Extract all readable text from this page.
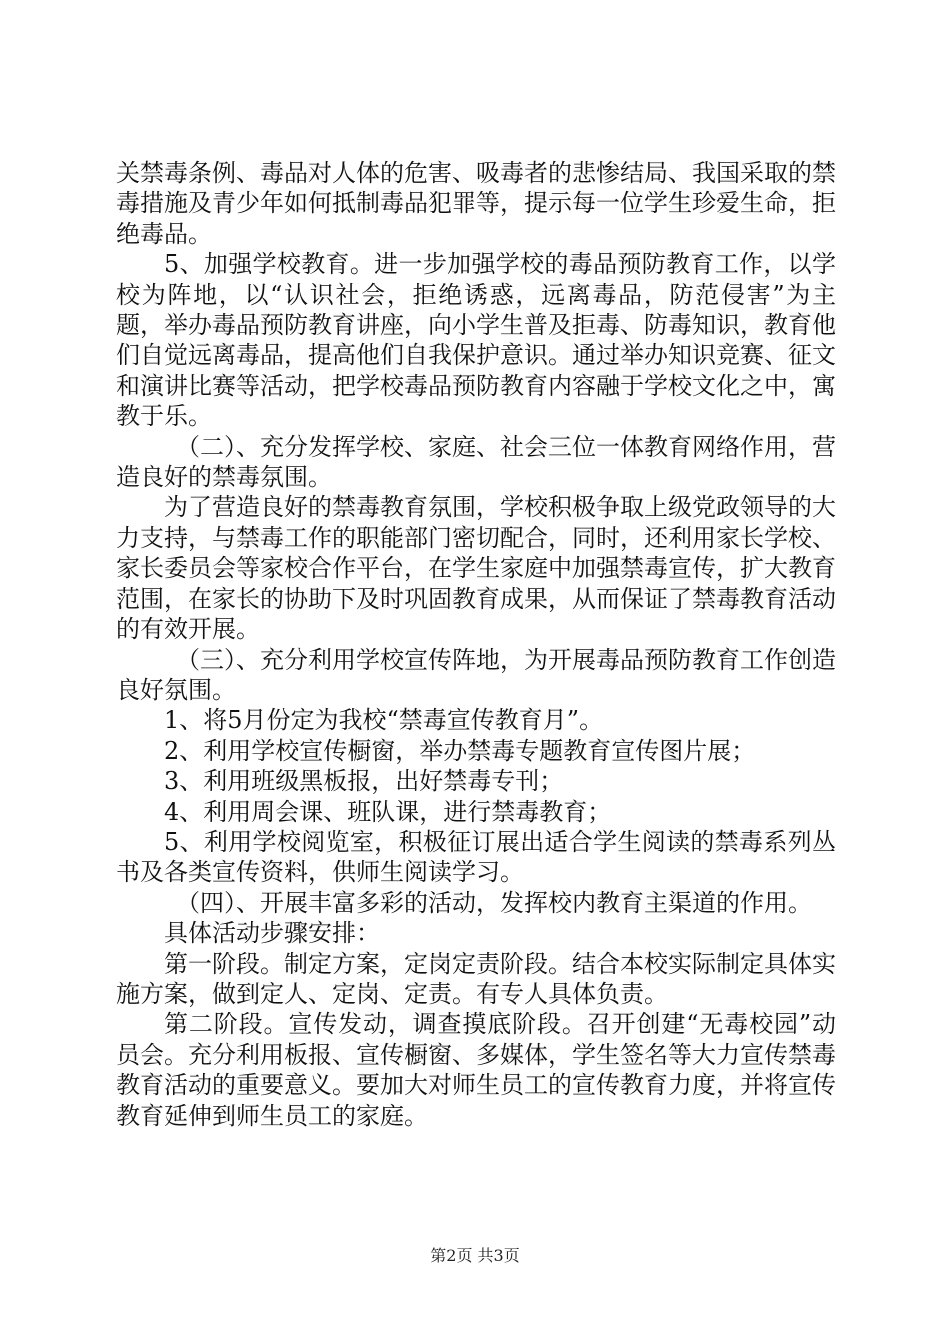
关禁毒条例、毒品对人体的危害、吸毒者的悲惨结局、我国采取的禁毒措施及青少年如何抵制毒品犯罪等，提示每一位学生珍爱生命，拒绝毒品。

5、加强学校教育。进一步加强学校的毒品预防教育工作，以学校为阵地，以“认识社会，拒绝诱惑，远离毒品，防范侵害”为主题，举办毒品预防教育讲座，向小学生普及拒毒、防毒知识，教育他们自觉远离毒品，提高他们自我保护意识。通过举办知识竞赛、征文和演讲比赛等活动，把学校毒品预防教育内容融于学校文化之中，寓教于乐。

（二）、充分发挥学校、家庭、社会三位一体教育网络作用，营造良好的禁毒氛围。

为了营造良好的禁毒教育氛围，学校积极争取上级党政领导的大力支持，与禁毒工作的职能部门密切配合，同时，还利用家长学校、家长委员会等家校合作平台，在学生家庭中加强禁毒宣传，扩大教育范围，在家长的协助下及时巩固教育成果，从而保证了禁毒教育活动的有效开展。

（三）、充分利用学校宣传阵地，为开展毒品预防教育工作创造良好氛围。

1、将5月份定为我校“禁毒宣传教育月”。

2、利用学校宣传橱窗，举办禁毒专题教育宣传图片展；

3、利用班级黑板报，出好禁毒专刊；

4、利用周会课、班队课，进行禁毒教育；

5、利用学校阅览室，积极征订展出适合学生阅读的禁毒系列丛书及各类宣传资料，供师生阅读学习。

（四）、开展丰富多彩的活动，发挥校内教育主渠道的作用。

具体活动步骤安排：

第一阶段。制定方案，定岗定责阶段。结合本校实际制定具体实施方案，做到定人、定岗、定责。有专人具体负责。

第二阶段。宣传发动，调查摸底阶段。召开创建“无毒校园”动员会。充分利用板报、宣传橱窗、多媒体，学生签名等大力宣传禁毒教育活动的重要意义。要加大对师生员工的宣传教育力度，并将宣传教育延伸到师生员工的家庭。

第2页 共3页
